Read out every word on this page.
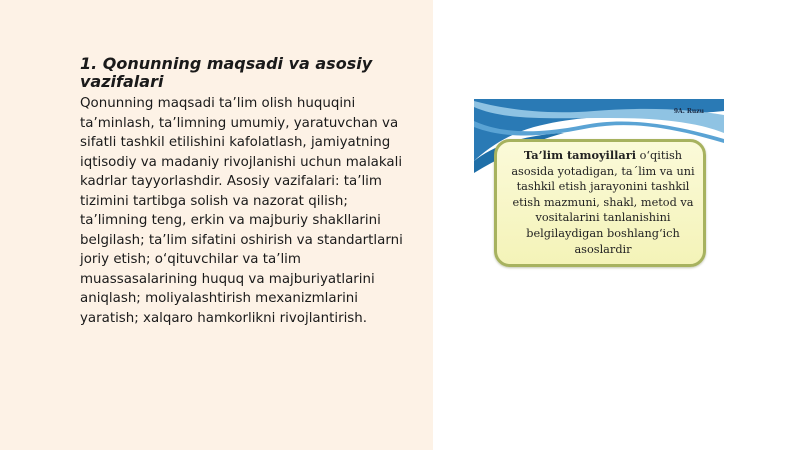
1. Qonunning maqsadi va asosiy vazifalari

Qonunning maqsadi ta’lim olish huquqini ta’minlash, ta’limning umumiy, yaratuvchan va sifatli tashkil etilishini kafolatlash, jamiyatning iqtisodiy va madaniy rivojlanishi uchun malakali kadrlar tayyorlashdir. Asosiy vazifalari: ta’lim tizimini tartibga solish va nazorat qilish; ta’limning teng, erkin va majburiy shakllarini belgilash; ta’lim sifatini oshirish va standartlarni joriy etish; o‘qituvchilar va ta’lim muassasalarining huquq va majburiyatlarini aniqlash; moliyalashtirish mexanizmlarini yaratish; xalqaro hamkorlikni rivojlantirish.

9A. Ruzu

Ta’lim tamoyillari o‘qitish asosida yotadigan, ta´lim va uni tashkil etish jarayonini tashkil etish mazmuni, shakl, metod va vositalarini tanlanishini belgilaydigan boshlang‘ich asoslardir
